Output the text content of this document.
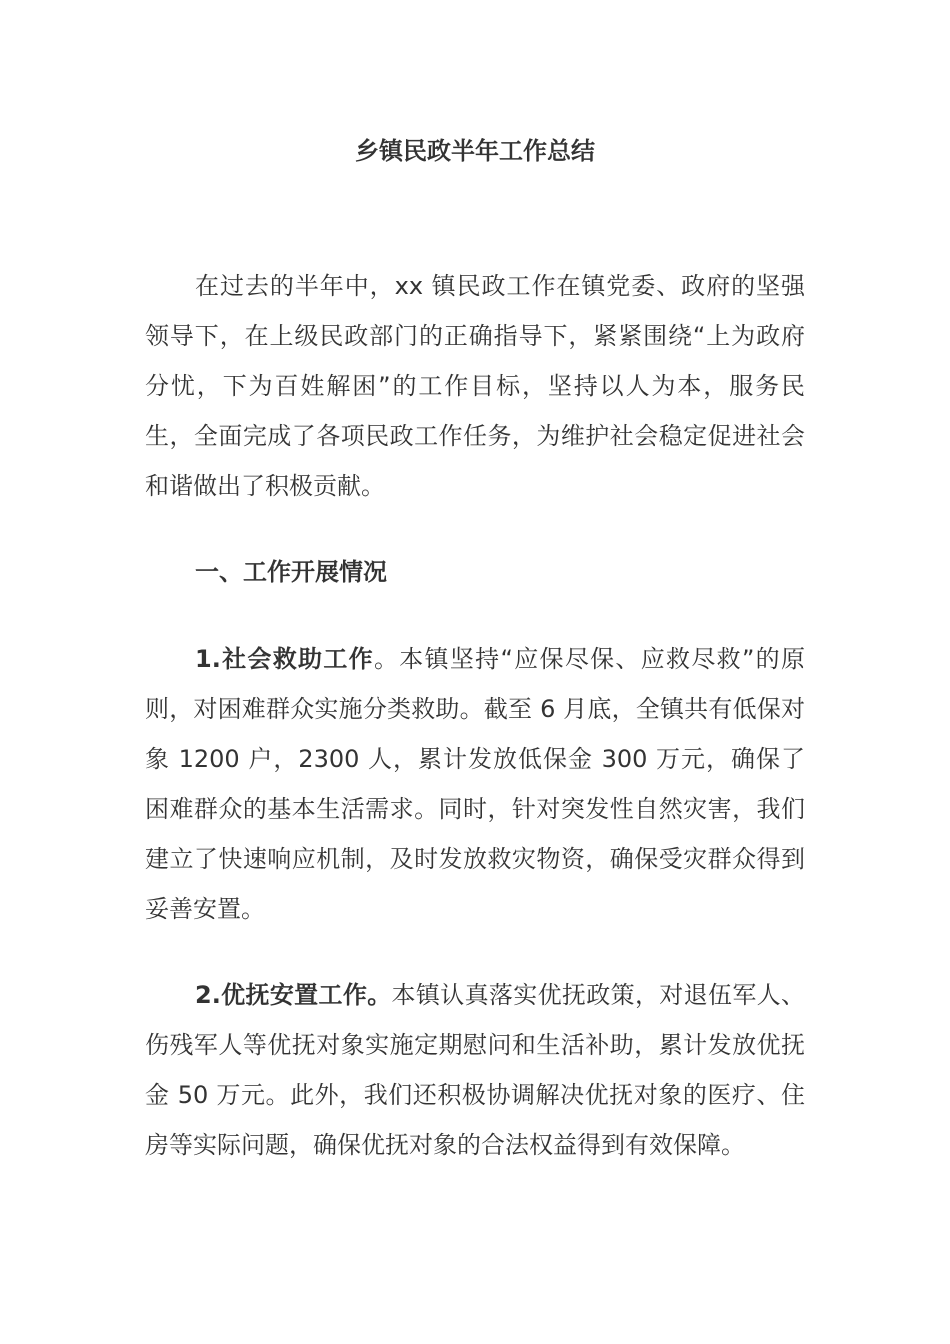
乡镇民政半年工作总结

在过去的半年中，xx 镇民政工作在镇党委、政府的坚强领导下，在上级民政部门的正确指导下，紧紧围绕“上为政府分忧，下为百姓解困”的工作目标，坚持以人为本，服务民生，全面完成了各项民政工作任务，为维护社会稳定促进社会和谐做出了积极贡献。

一、工作开展情况

1.社会救助工作。本镇坚持“应保尽保、应救尽救”的原则，对困难群众实施分类救助。截至 6 月底，全镇共有低保对象 1200 户，2300 人，累计发放低保金 300 万元，确保了困难群众的基本生活需求。同时，针对突发性自然灾害，我们建立了快速响应机制，及时发放救灾物资，确保受灾群众得到妥善安置。

2.优抚安置工作。本镇认真落实优抚政策，对退伍军人、伤残军人等优抚对象实施定期慰问和生活补助，累计发放优抚金 50 万元。此外，我们还积极协调解决优抚对象的医疗、住房等实际问题，确保优抚对象的合法权益得到有效保障。
